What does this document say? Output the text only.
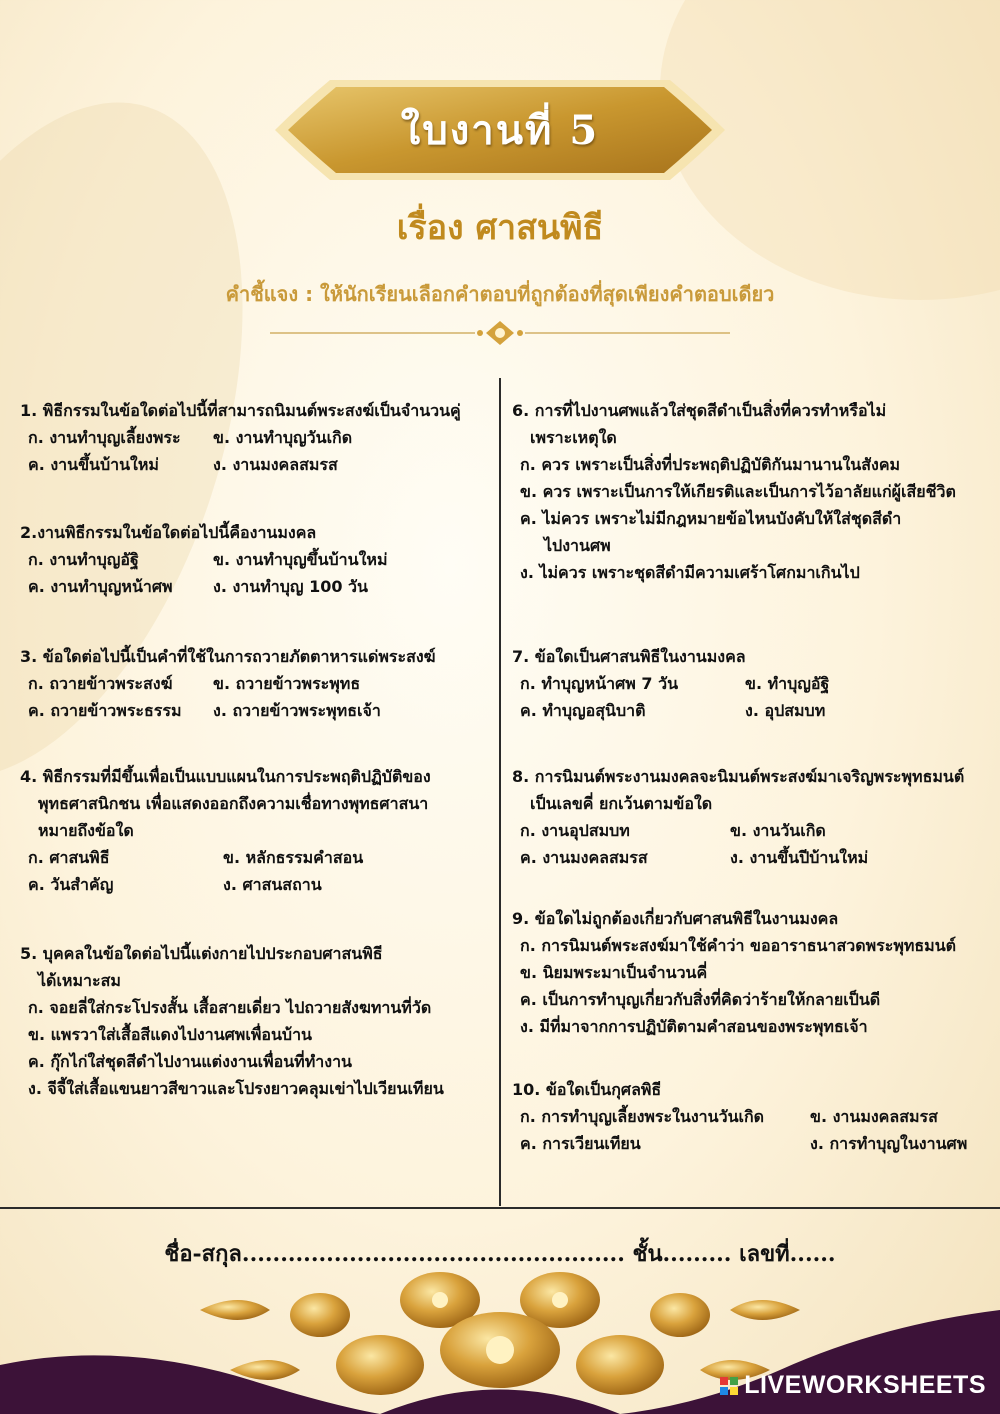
ใบงานที่ 5
เรื่อง ศาสนพิธี
คำชี้แจง : ให้นักเรียนเลือกคำตอบที่ถูกต้องที่สุดเพียงคำตอบเดียว
1. พิธีกรรมในข้อใดต่อไปนี้ที่สามารถนิมนต์พระสงฆ์เป็นจำนวนคู่
ก. งานทำบุญเลี้ยงพระ	ข. งานทำบุญวันเกิด
ค. งานขึ้นบ้านใหม่	ง. งานมงคลสมรส
2.งานพิธีกรรมในข้อใดต่อไปนี้คืองานมงคล
ก. งานทำบุญอัฐิ	ข. งานทำบุญขึ้นบ้านใหม่
ค. งานทำบุญหน้าศพ	ง. งานทำบุญ 100 วัน
3. ข้อใดต่อไปนี้เป็นคำที่ใช้ในการถวายภัตตาหารแด่พระสงฆ์
ก. ถวายข้าวพระสงฆ์	ข. ถวายข้าวพระพุทธ
ค. ถวายข้าวพระธรรม	ง. ถวายข้าวพระพุทธเจ้า
4. พิธีกรรมที่มีขึ้นเพื่อเป็นแบบแผนในการประพฤติปฏิบัติของ
พุทธศาสนิกชน เพื่อแสดงออกถึงความเชื่อทางพุทธศาสนา
หมายถึงข้อใด
ก. ศาสนพิธี	ข. หลักธรรมคำสอน
ค. วันสำคัญ	ง. ศาสนสถาน
5. บุคคลในข้อใดต่อไปนี้แต่งกายไปประกอบศาสนพิธี
ได้เหมาะสม
ก. จอยลี่ใส่กระโปรงสั้น เสื้อสายเดี่ยว ไปถวายสังฆทานที่วัด
ข. แพรวาใส่เสื้อสีแดงไปงานศพเพื่อนบ้าน
ค. กุ๊กไก่ใส่ชุดสีดำไปงานแต่งงานเพื่อนที่ทำงาน
ง. จีจี้ใส่เสื้อแขนยาวสีขาวและโปรงยาวคลุมเข่าไปเวียนเทียน
6. การที่ไปงานศพแล้วใส่ชุดสีดำเป็นสิ่งที่ควรทำหรือไม่
เพราะเหตุใด
ก. ควร เพราะเป็นสิ่งที่ประพฤติปฏิบัติกันมานานในสังคม
ข. ควร เพราะเป็นการให้เกียรติและเป็นการไว้อาลัยแก่ผู้เสียชีวิต
ค. ไม่ควร เพราะไม่มีกฎหมายข้อไหนบังคับให้ใส่ชุดสีดำ
ไปงานศพ
ง. ไม่ควร เพราะชุดสีดำมีความเศร้าโศกมาเกินไป
7. ข้อใดเป็นศาสนพิธีในงานมงคล
ก. ทำบุญหน้าศพ 7 วัน	ข. ทำบุญอัฐิ
ค. ทำบุญอสุนิบาติ	ง. อุปสมบท
8. การนิมนต์พระงานมงคลจะนิมนต์พระสงฆ์มาเจริญพระพุทธมนต์
เป็นเลขคี่ ยกเว้นตามข้อใด
ก. งานอุปสมบท	ข. งานวันเกิด
ค. งานมงคลสมรส	ง. งานขึ้นปีบ้านใหม่
9. ข้อใดไม่ถูกต้องเกี่ยวกับศาสนพิธีในงานมงคล
ก. การนิมนต์พระสงฆ์มาใช้คำว่า ขออาราธนาสวดพระพุทธมนต์
ข. นิยมพระมาเป็นจำนวนคี่
ค. เป็นการทำบุญเกี่ยวกับสิ่งที่คิดว่าร้ายให้กลายเป็นดี
ง. มีที่มาจากการปฏิบัติตามคำสอนของพระพุทธเจ้า
10. ข้อใดเป็นกุศลพิธี
ก. การทำบุญเลี้ยงพระในงานวันเกิด	ข. งานมงคลสมรส
ค. การเวียนเทียน	ง. การทำบุญในงานศพ
ชื่อ-สกุล.................................................. ชั้น......... เลขที่......
LIVEWORKSHEETS
